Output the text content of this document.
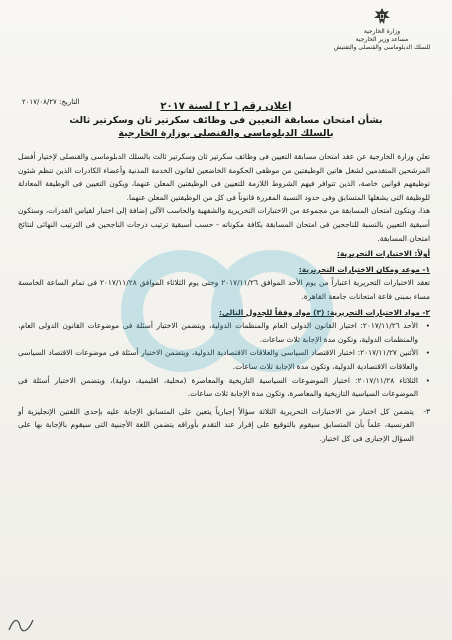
وزارة الخارجية
مساعد وزير الخارجية
للسلك الدبلوماسى والقنصلى والتفتيش
التاريخ: ٢٠١٧/٠٨/٢٧	إعلان رقم [ ٢ ] لسنة ٢٠١٧

بشأن امتحان مسابقة التعيين فى وظائف سكرتير ثان وسكرتير ثالث

بالسلك الدبلوماسى والقنصلى بوزارة الخارجية

تعلن وزارة الخارجية عن عقد امتحان مسابقة التعيين فى وظائف سكرتير ثان وسكرتير ثالث بالسلك الدبلوماسى والقنصلى لإختيار أفضل المرشحين المتقدمين لشغل هاتين الوظيفتين من موظفى الحكومة الخاضعين لقانون الخدمة المدنية وأعضاء الكادرات الذين تنظم شئون توظيفهم قوانين خاصة، الذين تتوافر فيهم الشروط اللازمة للتعيين فى الوظيفتين المعلن عنهما، ويكون التعيين فى الوظيفة المعادلة للوظيفة التى يشغلها المتسابق وفى حدود النسبة المقررة قانوناً فى كل من الوظيفتين المعلن عنهما.

هذا، ويتكون امتحان المسابقة من مجموعة من الاختبارات التحريرية والشفهية والحاسب الآلى إضافة إلى اختبار لقياس القدرات، وستكون أسبقية التعيين بالنسبة للناجحين فى امتحان المسابقة بكافة مكوناته - حسب أسبقية ترتيب درجات الناجحين فى الترتيب النهائى لنتائج امتحان المسابقة.

أولاً: الاختبارات التحريرية:

١- موعد ومكان الاختبارات التحريرية:

تعقد الاختبارات التحريرية اعتباراً من يوم الأحد الموافق ٢٠١٧/١١/٢٦ وحتى يوم الثلاثاء الموافق ٢٠١٧/١١/٢٨ فى تمام الساعة الخامسة مساء بمبنى قاعة امتحانات جامعة القاهرة.

٢- مواد الاختبارات التحريرية: (٣) مواد وفقاً للجدول التالى:

•
الأحد ٢٠١٧/١١/٢٦: اختبار القانون الدولى العام والمنظمات الدولية، ويتضمن الاختبار أسئلة فى موضوعات القانون الدولى العام، والمنظمات الدولية، وتكون مدة الإجابة ثلاث ساعات.
•
الأثنين ٢٠١٧/١١/٢٧: اختبار الاقتصاد السياسى والعلاقات الاقتصادية الدولية، ويتضمن الاختبار أسئلة فى موضوعات الاقتصاد السياسى والعلاقات الاقتصادية الدولية، وتكون مدة الإجابة ثلاث ساعات.
•
الثلاثاء ٢٠١٧/١١/٢٨: اختبار الموضوعات السياسية التاريخية والمعاصرة (محلية، اقليمية، دولية)، ويتضمن الاختبار أسئلة فى الموضوعات السياسية التاريخية والمعاصرة، وتكون مدة الإجابة ثلاث ساعات.
٣-
يتضمن كل اختبار من الاختبارات التحريرية الثلاثة سؤالاً إجبارياً يتعين على المتسابق الإجابة عليه بإحدى اللغتين الإنجليزية أو الفرنسية، علماً بأن المتسابق سيقوم بالتوقيع على إقرار عند التقدم بأوراقه يتضمن اللغة الأجنبية التى سيقوم بالإجابة بها على السؤال الإجبارى فى كل اختبار.
